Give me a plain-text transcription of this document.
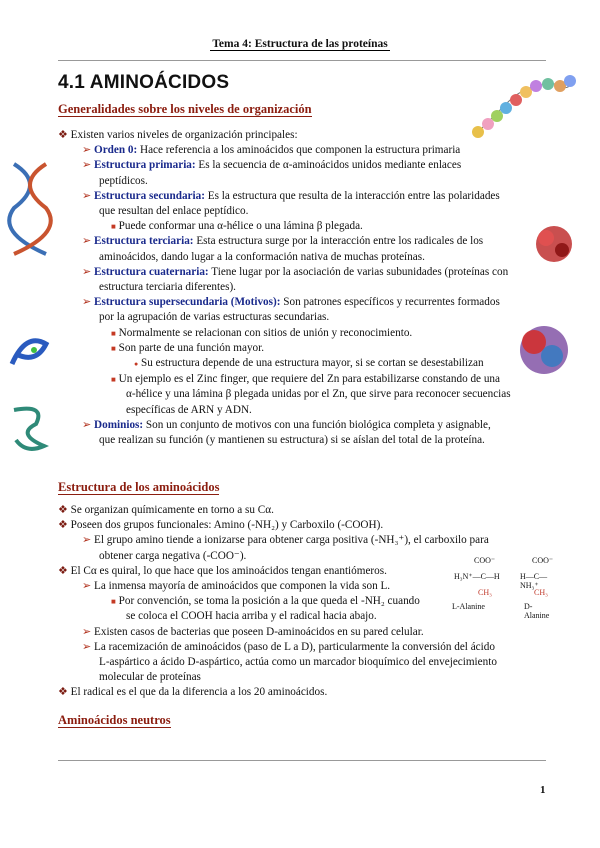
Tema 4: Estructura de las proteínas
4.1 AMINOÁCIDOS
Generalidades sobre los niveles de organización
❖ Existen varios niveles de organización principales:
➢ Orden 0: Hace referencia a los aminoácidos que componen la estructura primaria
➢ Estructura primaria: Es la secuencia de α-aminoácidos unidos mediante enlaces
peptídicos.
➢ Estructura secundaria: Es la estructura que resulta de la interacción entre las polaridades
que resultan del enlace peptídico.
■ Puede conformar una α-hélice o una lámina β plegada.
➢ Estructura terciaria: Esta estructura surge por la interacción entre los radicales de los
aminoácidos, dando lugar a la conformación nativa de muchas proteínas.
➢ Estructura cuaternaria: Tiene lugar por la asociación de varias subunidades (proteínas con
estructura terciaria diferentes).
➢ Estructura supersecundaria (Motivos): Son patrones específicos y recurrentes formados
por la agrupación de varias estructuras secundarias.
■ Normalmente se relacionan con sitios de unión y reconocimiento.
■ Son parte de una función mayor.
● Su estructura depende de una estructura mayor, si se cortan se desestabilizan
■ Un ejemplo es el Zinc finger, que requiere del Zn para estabilizarse constando de una
α-hélice y una lámina β plegada unidas por el Zn, que sirve para reconocer secuencias
específicas de ARN y ADN.
➢ Dominios: Son un conjunto de motivos con una función biológica completa y asignable,
que realizan su función (y mantienen su estructura) si se aíslan del total de la proteína.
Estructura de los aminoácidos
❖ Se organizan químicamente en torno a su Cα.
❖ Poseen dos grupos funcionales: Amino (-NH₂) y Carboxilo (-COOH).
➢ El grupo amino tiende a ionizarse para obtener carga positiva (-NH₃⁺), el carboxilo para
obtener carga negativa (-COO⁻).
❖ El Cα es quiral, lo que hace que los aminoácidos tengan enantiómeros.
➢ La inmensa mayoría de aminoácidos que componen la vida son L.
■ Por convención, se toma la posición a la que queda el -NH₂ cuando
se coloca el COOH hacia arriba y el radical hacia abajo.
➢ Existen casos de bacterias que poseen D-aminoácidos en su pared celular.
➢ La racemización de aminoácidos (paso de L a D), particularmente la conversión del ácido
L-aspártico a ácido D-aspártico, actúa como un marcador bioquímico del envejecimiento
molecular de proteínas
❖ El radical es el que da la diferencia a los 20 aminoácidos.
Aminoácidos neutros
1
COO⁻
H₃N⁺—C—H
CH₃
L-Alanine
COO⁻
H—C—NH₃⁺
CH₃
D-Alanine
